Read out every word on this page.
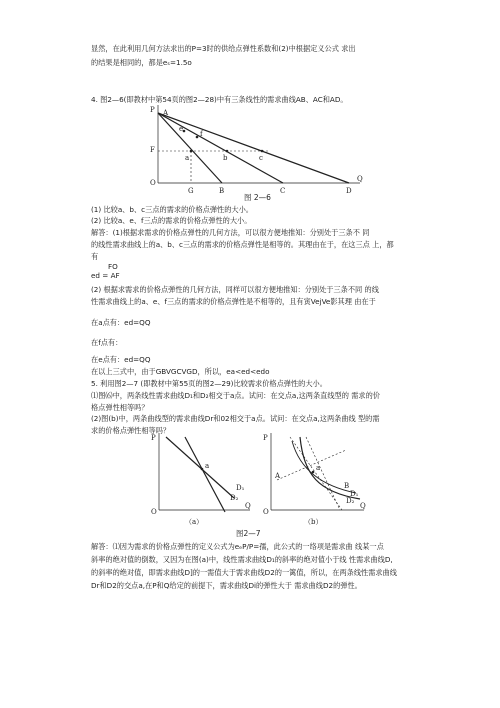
显然，在此利用几何方法求出的P=3时的供给点弹性系数和(2)中根据定义公式 求出
的结果是相同的，都是eₛ=1.5o
4. 图2—6(即教材中第54页的图2—28)中有三条线性的需求曲线AB、AC和AD。
(1) 比较a、b、c三点的需求的价格点弹性的大小。
(2) 比较a、e、f三点的需求的价格点弹性的大小。
解答：(1)根据求需求的价格点弹性的几何方法，可以很方便地推知：分别处于三条不 同
的线性需求曲线上的a、b、c三点的需求的价格点弹性是相等的。其理由在于，在这三点 上，都
有
FO
ed = AF
(2) 根据求需求的价格点弹性的几何方法，同样可以很方便地推知：分别处于三条不同 的线
性需求曲线上的a、e、f三点的需求的价格点弹性是不相等的，且有寅VejVe影其理 由在于
在a点有：ed=QQ
在f点有：
在e点有：ed=QQ
在以上三式中，由于GBVGCVGD，所以，ea<ed<edo
5. 利用图2—7 (即教材中第55页的图2—29)比较需求价格点弹性的大小。
⑴图⑹中，两条线性需求曲线D₁和D₂相交于a点。试问：在交点a,这两条直线型的 需求的价
格点弹性相等吗？
(2)图(b)中，两条曲线型的需求曲线Dr和02相交于a点。试问：在交点a,这两条曲线 型的需
求的价格点弹性相等吗？
解答：⑴因为需求的价格点弹性的定义公式为eₑP/P=孺，此公式的一络项是需求曲 线某一点
斜率的绝对值的倒数，又因为在图(a)中，线性需求曲线D₁的斜率的绝对值小于线 性需求曲线D,
的斜率的绝对值，即需求曲线D]的一需值大于需求曲线D2的一篱值，所以，在两条线性需求曲线
Dr和D2的交点a,在P和Q给定的前提下，需求曲线Di的弹性大于 需求曲线D2的弹性。
P A
F
O	Q
G	B	C	D
a	b	c
e
f
图 2—6
P
O
Q
a
D₁
D₂
（a）
P
O
Q
a
A
B
D₁
D₂
（b）
图2—7
